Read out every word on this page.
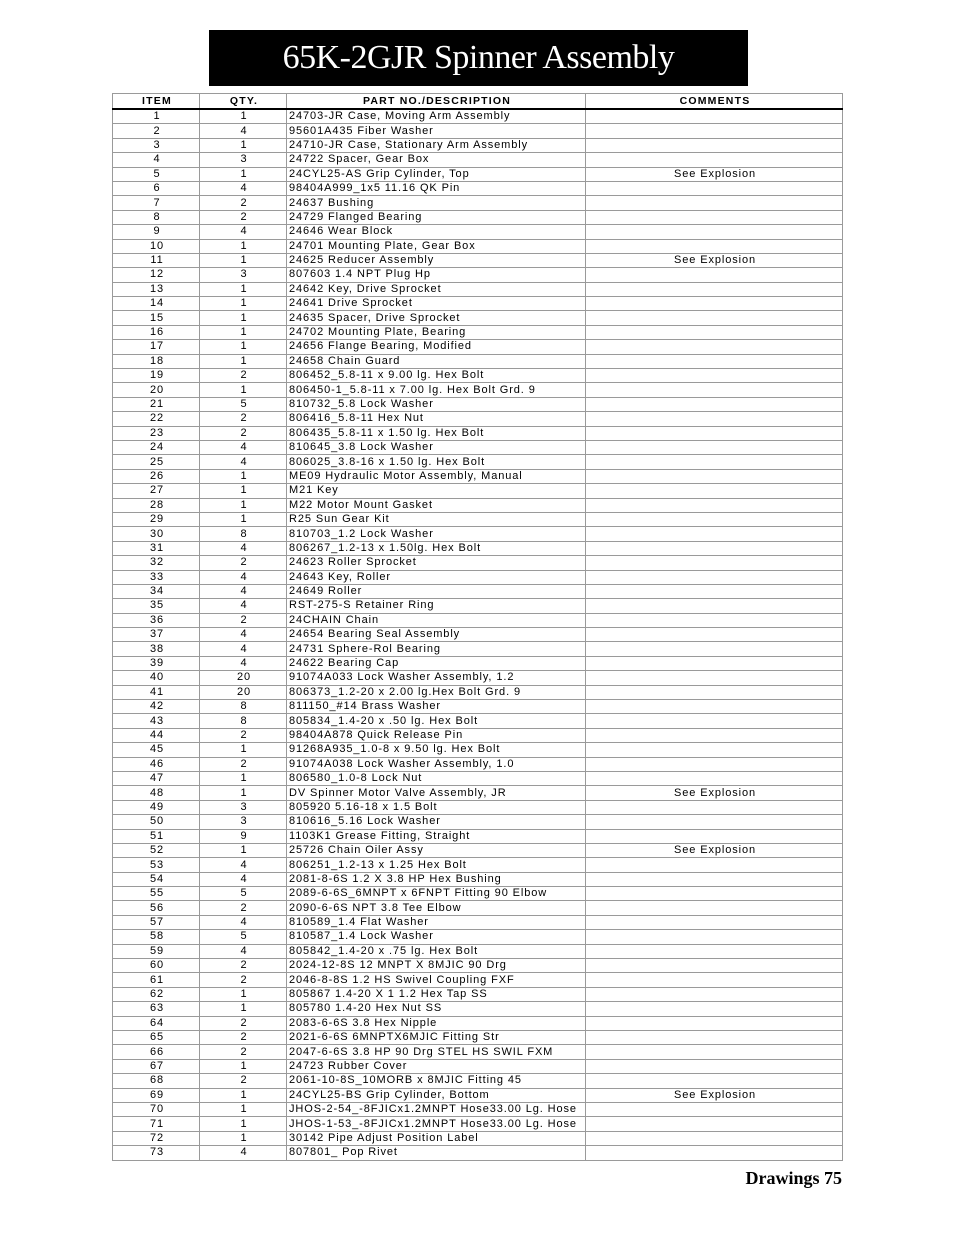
65K-2GJR Spinner Assembly
ITEM	QTY.	PART NO./DESCRIPTION	COMMENTS
1	1	24703-JR Case, Moving Arm Assembly	
2	4	95601A435 Fiber Washer	
3	1	24710-JR Case, Stationary Arm Assembly	
4	3	24722 Spacer, Gear Box	
5	1	24CYL25-AS Grip Cylinder, Top	See Explosion
6	4	98404A999_1x5 11.16 QK Pin	
7	2	24637 Bushing	
8	2	24729 Flanged Bearing	
9	4	24646 Wear Block	
10	1	24701 Mounting Plate, Gear Box	
11	1	24625 Reducer Assembly	See Explosion
12	3	807603 1.4 NPT Plug Hp	
13	1	24642 Key, Drive Sprocket	
14	1	24641 Drive Sprocket	
15	1	24635 Spacer, Drive Sprocket	
16	1	24702 Mounting Plate, Bearing	
17	1	24656 Flange Bearing, Modified	
18	1	24658 Chain Guard	
19	2	806452_5.8-11 x 9.00 lg. Hex Bolt	
20	1	806450-1_5.8-11 x 7.00 lg. Hex Bolt Grd. 9	
21	5	810732_5.8 Lock Washer	
22	2	806416_5.8-11 Hex Nut	
23	2	806435_5.8-11 x 1.50 lg. Hex Bolt	
24	4	810645_3.8 Lock Washer	
25	4	806025_3.8-16 x 1.50 lg. Hex Bolt	
26	1	ME09 Hydraulic Motor Assembly, Manual	
27	1	M21 Key	
28	1	M22 Motor Mount Gasket	
29	1	R25 Sun Gear Kit	
30	8	810703_1.2 Lock Washer	
31	4	806267_1.2-13 x 1.50lg. Hex Bolt	
32	2	24623 Roller Sprocket	
33	4	24643 Key, Roller	
34	4	24649 Roller	
35	4	RST-275-S Retainer Ring	
36	2	24CHAIN Chain	
37	4	24654 Bearing Seal Assembly	
38	4	24731 Sphere-Rol Bearing	
39	4	24622 Bearing Cap	
40	20	91074A033 Lock Washer Assembly, 1.2	
41	20	806373_1.2-20 x 2.00 lg.Hex Bolt Grd. 9	
42	8	811150_#14 Brass Washer	
43	8	805834_1.4-20 x .50 lg. Hex Bolt	
44	2	98404A878 Quick Release Pin	
45	1	91268A935_1.0-8 x 9.50 lg. Hex Bolt	
46	2	91074A038 Lock Washer Assembly, 1.0	
47	1	806580_1.0-8 Lock Nut	
48	1	DV Spinner Motor Valve Assembly, JR	See Explosion
49	3	805920 5.16-18 x 1.5 Bolt	
50	3	810616_5.16 Lock Washer	
51	9	1103K1 Grease Fitting, Straight	
52	1	25726 Chain Oiler Assy	See Explosion
53	4	806251_1.2-13 x 1.25 Hex Bolt	
54	4	2081-8-6S 1.2 X 3.8 HP Hex Bushing	
55	5	2089-6-6S_6MNPT x 6FNPT Fitting 90 Elbow	
56	2	2090-6-6S NPT 3.8 Tee Elbow	
57	4	810589_1.4 Flat Washer	
58	5	810587_1.4 Lock Washer	
59	4	805842_1.4-20 x .75 lg. Hex Bolt	
60	2	2024-12-8S 12 MNPT X 8MJIC 90 Drg	
61	2	2046-8-8S 1.2 HS Swivel Coupling FXF	
62	1	805867 1.4-20 X 1 1.2 Hex Tap SS	
63	1	805780 1.4-20 Hex Nut SS	
64	2	2083-6-6S 3.8 Hex Nipple	
65	2	2021-6-6S 6MNPTX6MJIC Fitting Str	
66	2	2047-6-6S 3.8 HP 90 Drg STEL HS SWIL FXM	
67	1	24723 Rubber Cover	
68	2	2061-10-8S_10MORB x 8MJIC Fitting 45	
69	1	24CYL25-BS Grip Cylinder, Bottom	See Explosion
70	1	JHOS-2-54_-8FJICx1.2MNPT Hose33.00 Lg. Hose	
71	1	JHOS-1-53_-8FJICx1.2MNPT Hose33.00 Lg. Hose	
72	1	30142 Pipe Adjust Position Label	
73	4	807801_ Pop Rivet	
Drawings 75
